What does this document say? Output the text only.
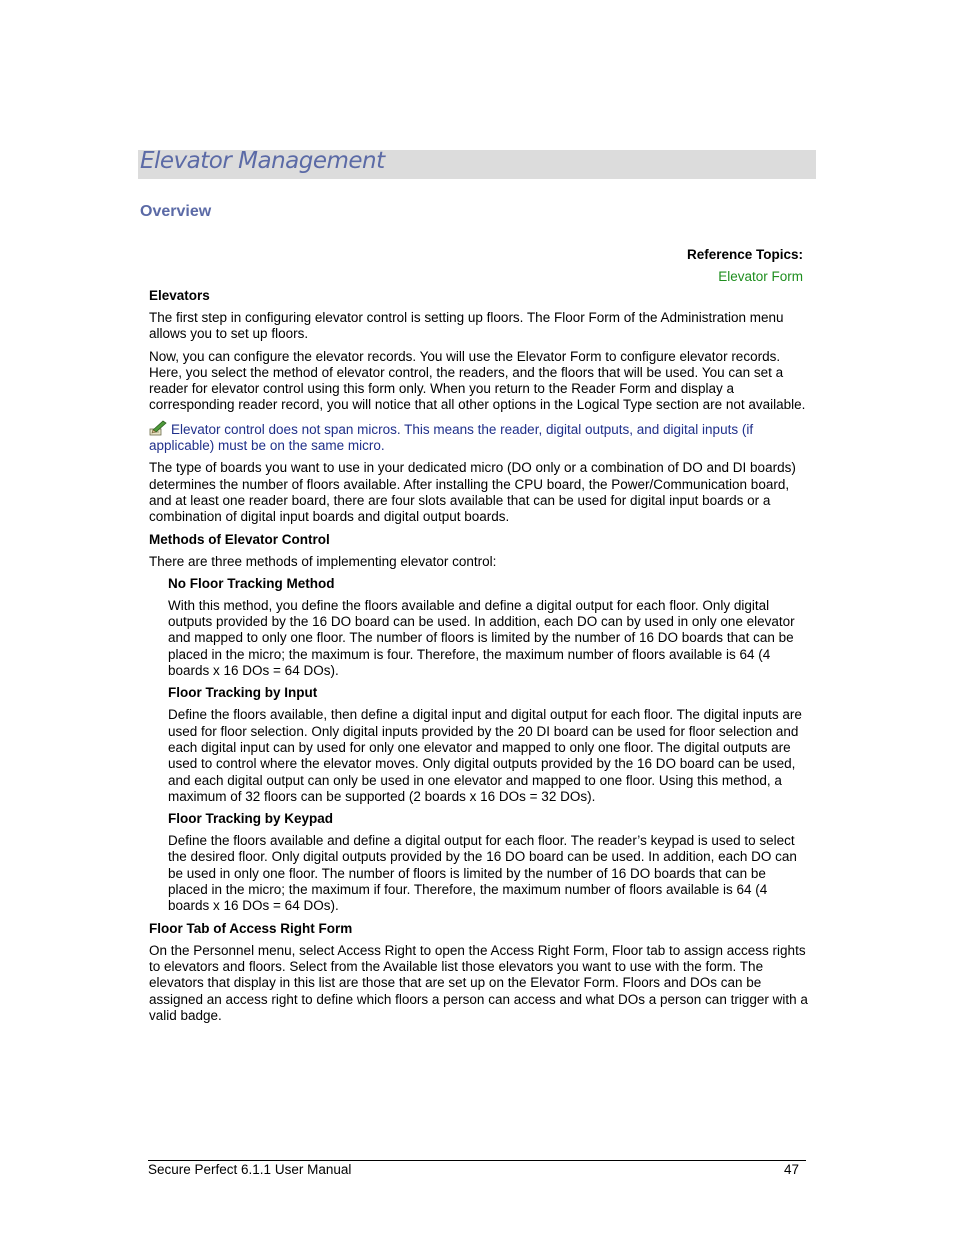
Elevator Management
Overview
Reference Topics:
Elevator Form
Elevators

The first step in configuring elevator control is setting up floors. The Floor Form of the Administration menu allows you to set up floors.

Now, you can configure the elevator records. You will use the Elevator Form to configure elevator records. Here, you select the method of elevator control, the readers, and the floors that will be used. You can set a reader for elevator control using this form only. When you return to the Reader Form and display a corresponding reader record, you will notice that all other options in the Logical Type section are not available.

Elevator control does not span micros. This means the reader, digital outputs, and digital inputs (if applicable) must be on the same micro.

The type of boards you want to use in your dedicated micro (DO only or a combination of DO and DI boards) determines the number of floors available. After installing the CPU board, the Power/Communication board, and at least one reader board, there are four slots available that can be used for digital input boards or a combination of digital input boards and digital output boards.

Methods of Elevator Control

There are three methods of implementing elevator control:

No Floor Tracking Method

With this method, you define the floors available and define a digital output for each floor. Only digital outputs provided by the 16 DO board can be used. In addition, each DO can by used in only one elevator and mapped to only one floor. The number of floors is limited by the number of 16 DO boards that can be placed in the micro; the maximum is four. Therefore, the maximum number of floors available is 64 (4 boards x 16 DOs = 64 DOs).

Floor Tracking by Input

Define the floors available, then define a digital input and digital output for each floor. The digital inputs are used for floor selection. Only digital inputs provided by the 20 DI board can be used for floor selection and each digital input can by used for only one elevator and mapped to only one floor. The digital outputs are used to control where the elevator moves. Only digital outputs provided by the 16 DO board can be used, and each digital output can only be used in one elevator and mapped to one floor. Using this method, a maximum of 32 floors can be supported (2 boards x 16 DOs = 32 DOs).

Floor Tracking by Keypad

Define the floors available and define a digital output for each floor. The reader’s keypad is used to select the desired floor. Only digital outputs provided by the 16 DO board can be used. In addition, each DO can be used in only one floor. The number of floors is limited by the number of 16 DO boards that can be placed in the micro; the maximum if four. Therefore, the maximum number of floors available is 64 (4 boards x 16 DOs = 64 DOs).

Floor Tab of Access Right Form

On the Personnel menu, select Access Right to open the Access Right Form, Floor tab to assign access rights to elevators and floors. Select from the Available list those elevators you want to use with the form. The elevators that display in this list are those that are set up on the Elevator Form. Floors and DOs can be assigned an access right to define which floors a person can access and what DOs a person can trigger with a valid badge.

Secure Perfect 6.1.1 User Manual	47
